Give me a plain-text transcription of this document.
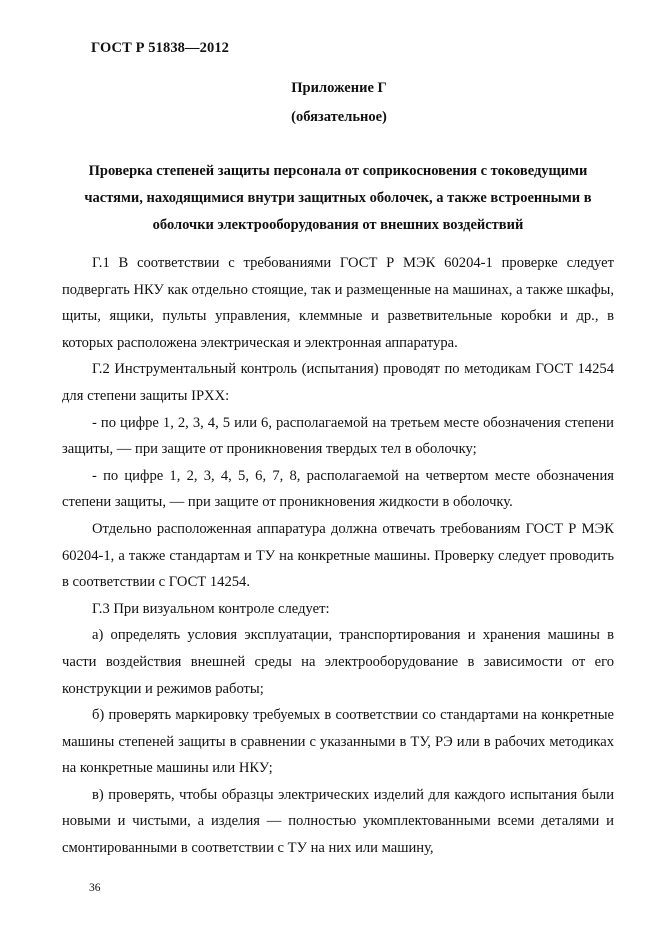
ГОСТ Р 51838—2012
Приложение Г
(обязательное)
Проверка степеней защиты персонала от соприкосновения с токоведущими частями, находящимися внутри защитных оболочек, а также встроенными в оболочки электрооборудования от внешних воздействий

Г.1 В соответствии с требованиями ГОСТ Р МЭК 60204-1 проверке следует подвергать НКУ как отдельно стоящие, так и размещенные на машинах, а также шкафы, щиты, ящики, пульты управления, клеммные и разветвительные коробки и др., в которых расположена электрическая и электронная аппаратура.

Г.2 Инструментальный контроль (испытания) проводят по методикам ГОСТ 14254 для степени защиты IPXX:

- по цифре 1, 2, 3, 4, 5 или 6, располагаемой на третьем месте обозначения степени защиты, — при защите от проникновения твердых тел в оболочку;

- по цифре 1, 2, 3, 4, 5, 6, 7, 8, располагаемой на четвертом месте обозначения степени защиты, — при защите от проникновения жидкости в оболочку.

Отдельно расположенная аппаратура должна отвечать требованиям ГОСТ Р МЭК 60204-1, а также стандартам и ТУ на конкретные машины. Проверку следует проводить в соответствии с ГОСТ 14254.

Г.3 При визуальном контроле следует:

а) определять условия эксплуатации, транспортирования и хранения машины в части воздействия внешней среды на электрооборудование в зависимости от его конструкции и режимов работы;

б) проверять маркировку требуемых в соответствии со стандартами на конкретные машины степеней защиты в сравнении с указанными в ТУ, РЭ или в рабочих методиках на конкретные машины или НКУ;

в) проверять, чтобы образцы электрических изделий для каждого испытания были новыми и чистыми, а изделия — полностью укомплектованными всеми деталями и смонтированными в соответствии с ТУ на них или машину,

36
